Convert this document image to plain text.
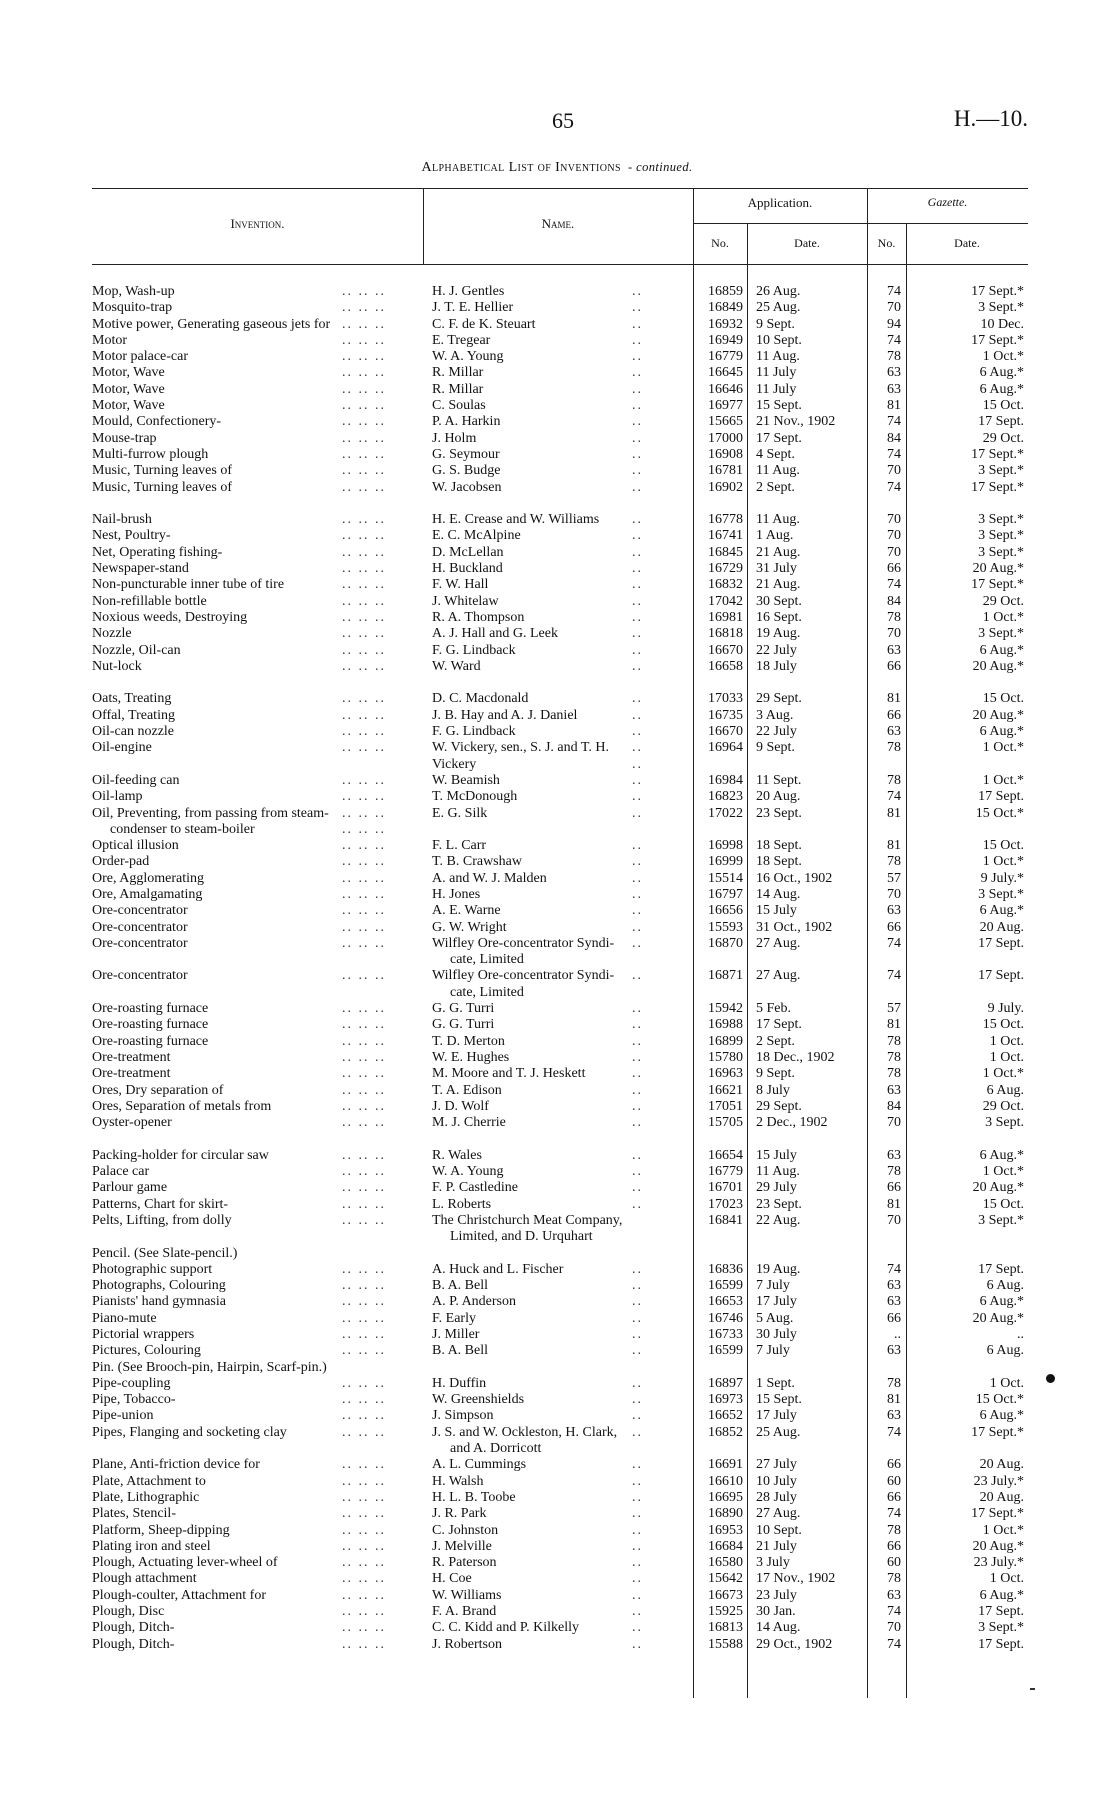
65	H.—10.
Alphabetical List of Inventions  - continued.
Invention.	Name.
Application.	Gazette.
No.	Date.	No.	Date.
Mop, Wash-up	H. J. Gentles	16859 26 Aug.	74	17 Sept.*
.. .. ..	..
Mosquito-trap	J. T. E. Hellier	16849 25 Aug.	70	3 Sept.*
.. .. ..	..
Motive power, Generating gaseous jets for	C. F. de K. Steuart	16932 9 Sept.	94	10 Dec.
.. .. ..	..
Motor	E. Tregear	16949 10 Sept.	74	17 Sept.*
.. .. ..	..
Motor palace-car	W. A. Young	16779 11 Aug.	78	1 Oct.*
.. .. ..	..
Motor, Wave	R. Millar	16645 11 July	63	6 Aug.*
.. .. ..	..
Motor, Wave	R. Millar	16646 11 July	63	6 Aug.*
.. .. ..	..
Motor, Wave	C. Soulas	16977 15 Sept.	81	15 Oct.
.. .. ..	..
Mould, Confectionery-	P. A. Harkin	15665 21 Nov., 1902	74	17 Sept.
.. .. ..	..
Mouse-trap	J. Holm	17000 17 Sept.	84	29 Oct.
.. .. ..	..
Multi-furrow plough	G. Seymour	16908 4 Sept.	74	17 Sept.*
.. .. ..	..
Music, Turning leaves of	G. S. Budge	16781 11 Aug.	70	3 Sept.*
.. .. ..	..
Music, Turning leaves of	W. Jacobsen	16902 2 Sept.	74	17 Sept.*
.. .. ..	..
Nail-brush	H. E. Crease and W. Williams	16778 11 Aug.	70	3 Sept.*
.. .. ..	..
Nest, Poultry-	E. C. McAlpine	16741 1 Aug.	70	3 Sept.*
.. .. ..	..
Net, Operating fishing-	D. McLellan	16845 21 Aug.	70	3 Sept.*
.. .. ..	..
Newspaper-stand	H. Buckland	16729 31 July	66	20 Aug.*
.. .. ..	..
Non-puncturable inner tube of tire	F. W. Hall	16832 21 Aug.	74	17 Sept.*
.. .. ..	..
Non-refillable bottle	J. Whitelaw	17042 30 Sept.	84	29 Oct.
.. .. ..	..
Noxious weeds, Destroying	R. A. Thompson	16981 16 Sept.	78	1 Oct.*
.. .. ..	..
Nozzle	A. J. Hall and G. Leek	16818 19 Aug.	70	3 Sept.*
.. .. ..	..
Nozzle, Oil-can	F. G. Lindback	16670 22 July	63	6 Aug.*
.. .. ..	..
Nut-lock	W. Ward	16658 18 July	66	20 Aug.*
.. .. ..	..
Oats, Treating	D. C. Macdonald	17033 29 Sept.	81	15 Oct.
.. .. ..	..
Offal, Treating	J. B. Hay and A. J. Daniel	16735 3 Aug.	66	20 Aug.*
.. .. ..	..
Oil-can nozzle	F. G. Lindback	16670 22 July	63	6 Aug.*
.. .. ..	..
Oil-engine	W. Vickery, sen., S. J. and T. H.	16964 9 Sept.	78	1 Oct.*
.. .. ..	..
Vickery	..
Oil-feeding can	W. Beamish	16984 11 Sept.	78	1 Oct.*
.. .. ..	..
Oil-lamp	T. McDonough	16823 20 Aug.	74	17 Sept.
.. .. ..	..
Oil, Preventing, from passing from steam-	E. G. Silk	17022 23 Sept.	81	15 Oct.*
.. .. ..	..
condenser to steam-boiler	.. .. ..
Optical illusion	F. L. Carr	16998 18 Sept.	81	15 Oct.
.. .. ..	..
Order-pad	T. B. Crawshaw	16999 18 Sept.	78	1 Oct.*
.. .. ..	..
Ore, Agglomerating	A. and W. J. Malden	15514 16 Oct., 1902	57	9 July.*
.. .. ..	..
Ore, Amalgamating	H. Jones	16797 14 Aug.	70	3 Sept.*
.. .. ..	..
Ore-concentrator	A. E. Warne	16656 15 July	63	6 Aug.*
.. .. ..	..
Ore-concentrator	G. W. Wright	15593 31 Oct., 1902	66	20 Aug.
.. .. ..	..
Ore-concentrator	Wilfley Ore-concentrator Syndi-	16870 27 Aug.	74	17 Sept.
.. .. ..	..
cate, Limited
Ore-concentrator	Wilfley Ore-concentrator Syndi-	16871 27 Aug.	74	17 Sept.
.. .. ..	..
cate, Limited
Ore-roasting furnace	G. G. Turri	15942 5 Feb.	57	9 July.
.. .. ..	..
Ore-roasting furnace	G. G. Turri	16988 17 Sept.	81	15 Oct.
.. .. ..	..
Ore-roasting furnace	T. D. Merton	16899 2 Sept.	78	1 Oct.
.. .. ..	..
Ore-treatment	W. E. Hughes	15780 18 Dec., 1902	78	1 Oct.
.. .. ..	..
Ore-treatment	M. Moore and T. J. Heskett	16963 9 Sept.	78	1 Oct.*
.. .. ..	..
Ores, Dry separation of	T. A. Edison	16621 8 July	63	6 Aug.
.. .. ..	..
Ores, Separation of metals from	J. D. Wolf	17051 29 Sept.	84	29 Oct.
.. .. ..	..
Oyster-opener	M. J. Cherrie	15705 2 Dec., 1902	70	3 Sept.
.. .. ..	..
Packing-holder for circular saw	R. Wales	16654 15 July	63	6 Aug.*
.. .. ..	..
Palace car	W. A. Young	16779 11 Aug.	78	1 Oct.*
.. .. ..	..
Parlour game	F. P. Castledine	16701 29 July	66	20 Aug.*
.. .. ..	..
Patterns, Chart for skirt-	L. Roberts	17023 23 Sept.	81	15 Oct.
.. .. ..	..
Pelts, Lifting, from dolly	The Christchurch Meat Company,	16841 22 Aug.	70	3 Sept.*
.. .. ..
Limited, and D. Urquhart
Pencil. (See Slate-pencil.)
Photographic support	A. Huck and L. Fischer	16836 19 Aug.	74	17 Sept.
.. .. ..	..
Photographs, Colouring	B. A. Bell	16599 7 July	63	6 Aug.
.. .. ..	..
Pianists' hand gymnasia	A. P. Anderson	16653 17 July	63	6 Aug.*
.. .. ..	..
Piano-mute	F. Early	16746 5 Aug.	66	20 Aug.*
.. .. ..	..
Pictorial wrappers	J. Miller	16733 30 July	..	..
.. .. ..	..
Pictures, Colouring	B. A. Bell	16599 7 July	63	6 Aug.
.. .. ..	..
Pin. (See Brooch-pin, Hairpin, Scarf-pin.)
Pipe-coupling	H. Duffin	16897 1 Sept.	78	1 Oct.
.. .. ..	..
Pipe, Tobacco-	W. Greenshields	16973 15 Sept.	81	15 Oct.*
.. .. ..	..
Pipe-union	J. Simpson	16652 17 July	63	6 Aug.*
.. .. ..	..
Pipes, Flanging and socketing clay	J. S. and W. Ockleston, H. Clark,	16852 25 Aug.	74	17 Sept.*
.. .. ..	..
and A. Dorricott
Plane, Anti-friction device for	A. L. Cummings	16691 27 July	66	20 Aug.
.. .. ..	..
Plate, Attachment to	H. Walsh	16610 10 July	60	23 July.*
.. .. ..	..
Plate, Lithographic	H. L. B. Toobe	16695 28 July	66	20 Aug.
.. .. ..	..
Plates, Stencil-	J. R. Park	16890 27 Aug.	74	17 Sept.*
.. .. ..	..
Platform, Sheep-dipping	C. Johnston	16953 10 Sept.	78	1 Oct.*
.. .. ..	..
Plating iron and steel	J. Melville	16684 21 July	66	20 Aug.*
.. .. ..	..
Plough, Actuating lever-wheel of	R. Paterson	16580 3 July	60	23 July.*
.. .. ..	..
Plough attachment	H. Coe	15642 17 Nov., 1902	78	1 Oct.
.. .. ..	..
Plough-coulter, Attachment for	W. Williams	16673 23 July	63	6 Aug.*
.. .. ..	..
Plough, Disc	F. A. Brand	15925 30 Jan.	74	17 Sept.
.. .. ..	..
Plough, Ditch-	C. C. Kidd and P. Kilkelly	16813 14 Aug.	70	3 Sept.*
.. .. ..	..
Plough, Ditch-	J. Robertson	15588 29 Oct., 1902	74	17 Sept.
.. .. ..	..
